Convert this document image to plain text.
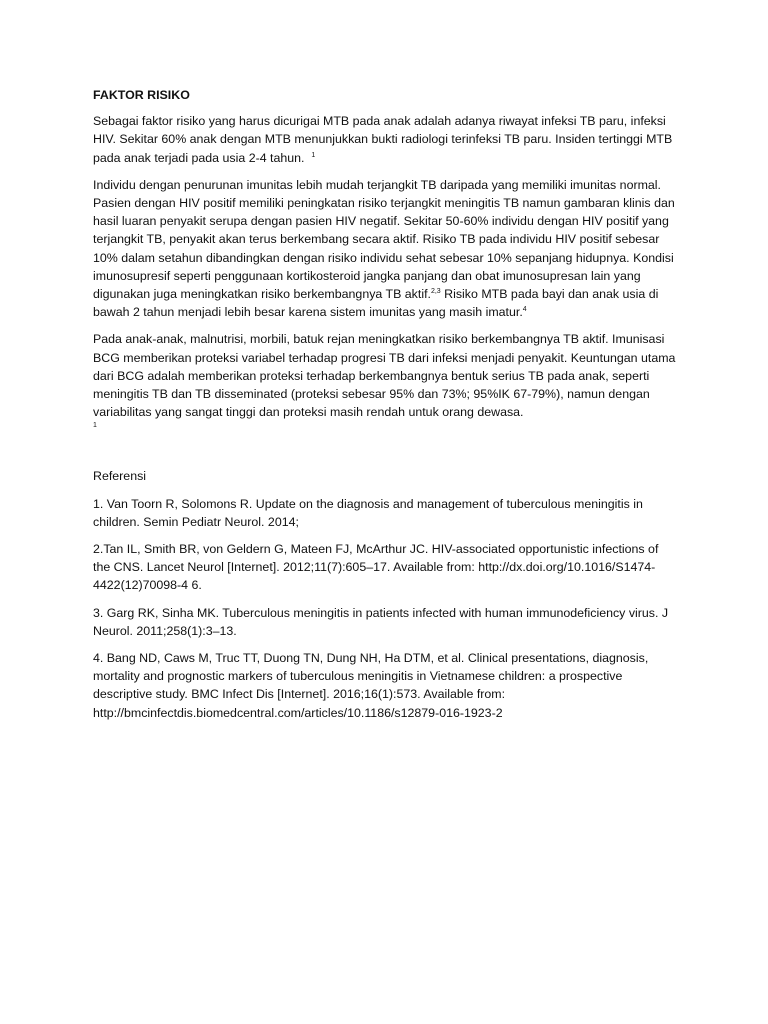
FAKTOR RISIKO

Sebagai faktor risiko yang harus dicurigai MTB pada anak adalah adanya riwayat infeksi TB paru, infeksi HIV. Sekitar 60% anak dengan MTB menunjukkan bukti radiologi terinfeksi TB paru. Insiden tertinggi MTB pada anak terjadi pada usia 2-4 tahun. $^1$

Individu dengan penurunan imunitas lebih mudah terjangkit TB daripada yang memiliki imunitas normal. Pasien dengan HIV positif memiliki peningkatan risiko terjangkit meningitis TB namun gambaran klinis dan hasil luaran penyakit serupa dengan pasien HIV negatif. Sekitar 50-60% individu dengan HIV positif yang terjangkit TB, penyakit akan terus berkembang secara aktif. Risiko TB pada individu HIV positif sebesar 10% dalam setahun dibandingkan dengan risiko individu sehat sebesar 10% sepanjang hidupnya. Kondisi imunosupresif seperti penggunaan kortikosteroid jangka panjang dan obat imunosupresan lain yang digunakan juga meningkatkan risiko berkembangnya TB aktif.$^{2,3}$ Risiko MTB pada bayi dan anak usia di bawah 2 tahun menjadi lebih besar karena sistem imunitas yang masih imatur.$^4$

Pada anak-anak, malnutrisi, morbili, batuk rejan meningkatkan risiko berkembangnya TB aktif. Imunisasi BCG memberikan proteksi variabel terhadap progresi TB dari infeksi menjadi penyakit. Keuntungan utama dari BCG adalah memberikan proteksi terhadap berkembangnya bentuk serius TB pada anak, seperti meningitis TB dan TB disseminated (proteksi sebesar 95% dan 73%; 95%IK 67-79%), namun dengan variabilitas yang sangat tinggi dan proteksi masih rendah untuk orang dewasa.
1

Referensi

1. Van Toorn R, Solomons R. Update on the diagnosis and management of tuberculous meningitis in children. Semin Pediatr Neurol. 2014;

2.Tan IL, Smith BR, von Geldern G, Mateen FJ, McArthur JC. HIV-associated opportunistic infections of the CNS. Lancet Neurol [Internet]. 2012;11(7):605–17. Available from: http://dx.doi.org/10.1016/S1474-4422(12)70098-4 6.

3. Garg RK, Sinha MK. Tuberculous meningitis in patients infected with human immunodeficiency virus. J Neurol. 2011;258(1):3–13.

4. Bang ND, Caws M, Truc TT, Duong TN, Dung NH, Ha DTM, et al. Clinical presentations, diagnosis, mortality and prognostic markers of tuberculous meningitis in Vietnamese children: a prospective descriptive study. BMC Infect Dis [Internet]. 2016;16(1):573. Available from: http://bmcinfectdis.biomedcentral.com/articles/10.1186/s12879-016-1923-2
